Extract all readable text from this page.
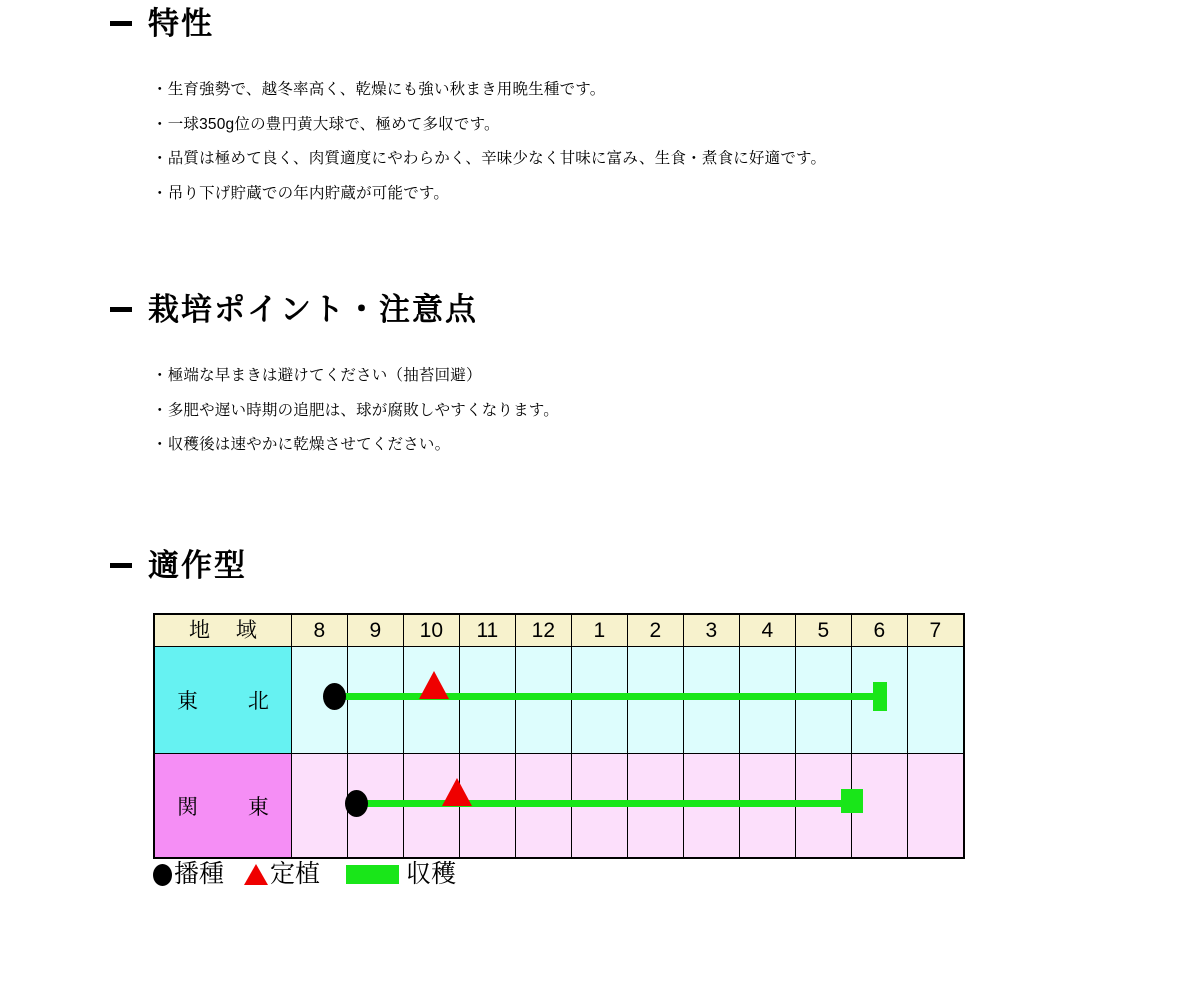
特性
・生育強勢で、越冬率高く、乾燥にも強い秋まき用晩生種です。
・一球350g位の豊円黄大球で、極めて多収です。
・品質は極めて良く、肉質適度にやわらかく、辛味少なく甘味に富み、生食・煮食に好適です。
・吊り下げ貯蔵での年内貯蔵が可能です。
栽培ポイント・注意点
・極端な早まきは避けてください（抽苔回避）
・多肥や遅い時期の追肥は、球が腐敗しやすくなります。
・収穫後は速やかに乾燥させてください。
適作型
地 域	8	9	10	11	12	1	2	3	4	5	6	7
東 北												
関 東												
播種 定植	収穫
